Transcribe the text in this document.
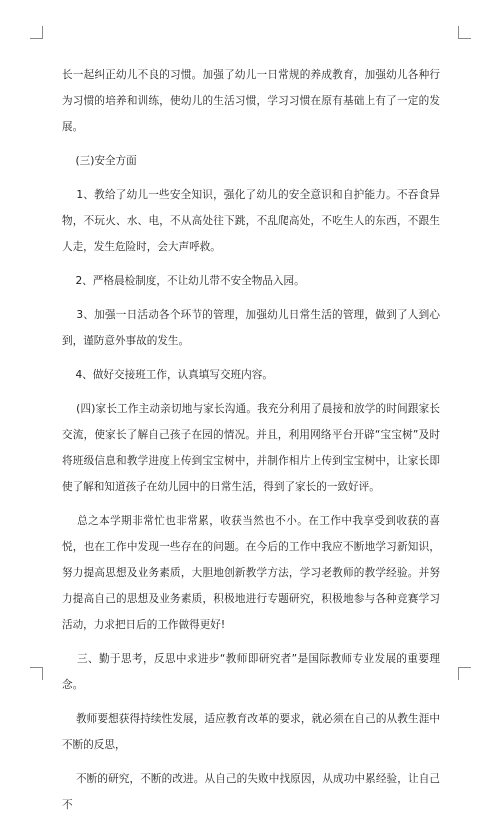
长一起纠正幼儿不良的习惯。加强了幼儿一日常规的养成教育，加强幼儿各种行为习惯的培养和训练，使幼儿的生活习惯，学习习惯在原有基础上有了一定的发展。

(三)安全方面

1、教给了幼儿一些安全知识，强化了幼儿的安全意识和自护能力。不吞食异物，不玩火、水、电，不从高处往下跳，不乱爬高处，不吃生人的东西，不跟生人走，发生危险时，会大声呼救。

2、严格晨检制度，不让幼儿带不安全物品入园。

3、加强一日活动各个环节的管理，加强幼儿日常生活的管理，做到了人到心到，谨防意外事故的发生。

4、做好交接班工作，认真填写交班内容。

(四)家长工作主动亲切地与家长沟通。我充分利用了晨接和放学的时间跟家长交流，使家长了解自己孩子在园的情况。并且，利用网络平台开辟“宝宝树”及时将班级信息和教学进度上传到宝宝树中，并制作相片上传到宝宝树中，让家长即使了解和知道孩子在幼儿园中的日常生活，得到了家长的一致好评。

总之本学期非常忙也非常累，收获当然也不小。在工作中我享受到收获的喜悦，也在工作中发现一些存在的问题。在今后的工作中我应不断地学习新知识，努力提高思想及业务素质，大胆地创新教学方法，学习老教师的教学经验。并努力提高自己的思想及业务素质，积极地进行专题研究，积极地参与各种竞赛学习活动，力求把日后的工作做得更好!

三、勤于思考，反思中求进步“教师即研究者”是国际教师专业发展的重要理念。

教师要想获得持续性发展，适应教育改革的要求，就必须在自己的从教生涯中不断的反思，

不断的研究，不断的改进。从自己的失败中找原因，从成功中累经验，让自己不
